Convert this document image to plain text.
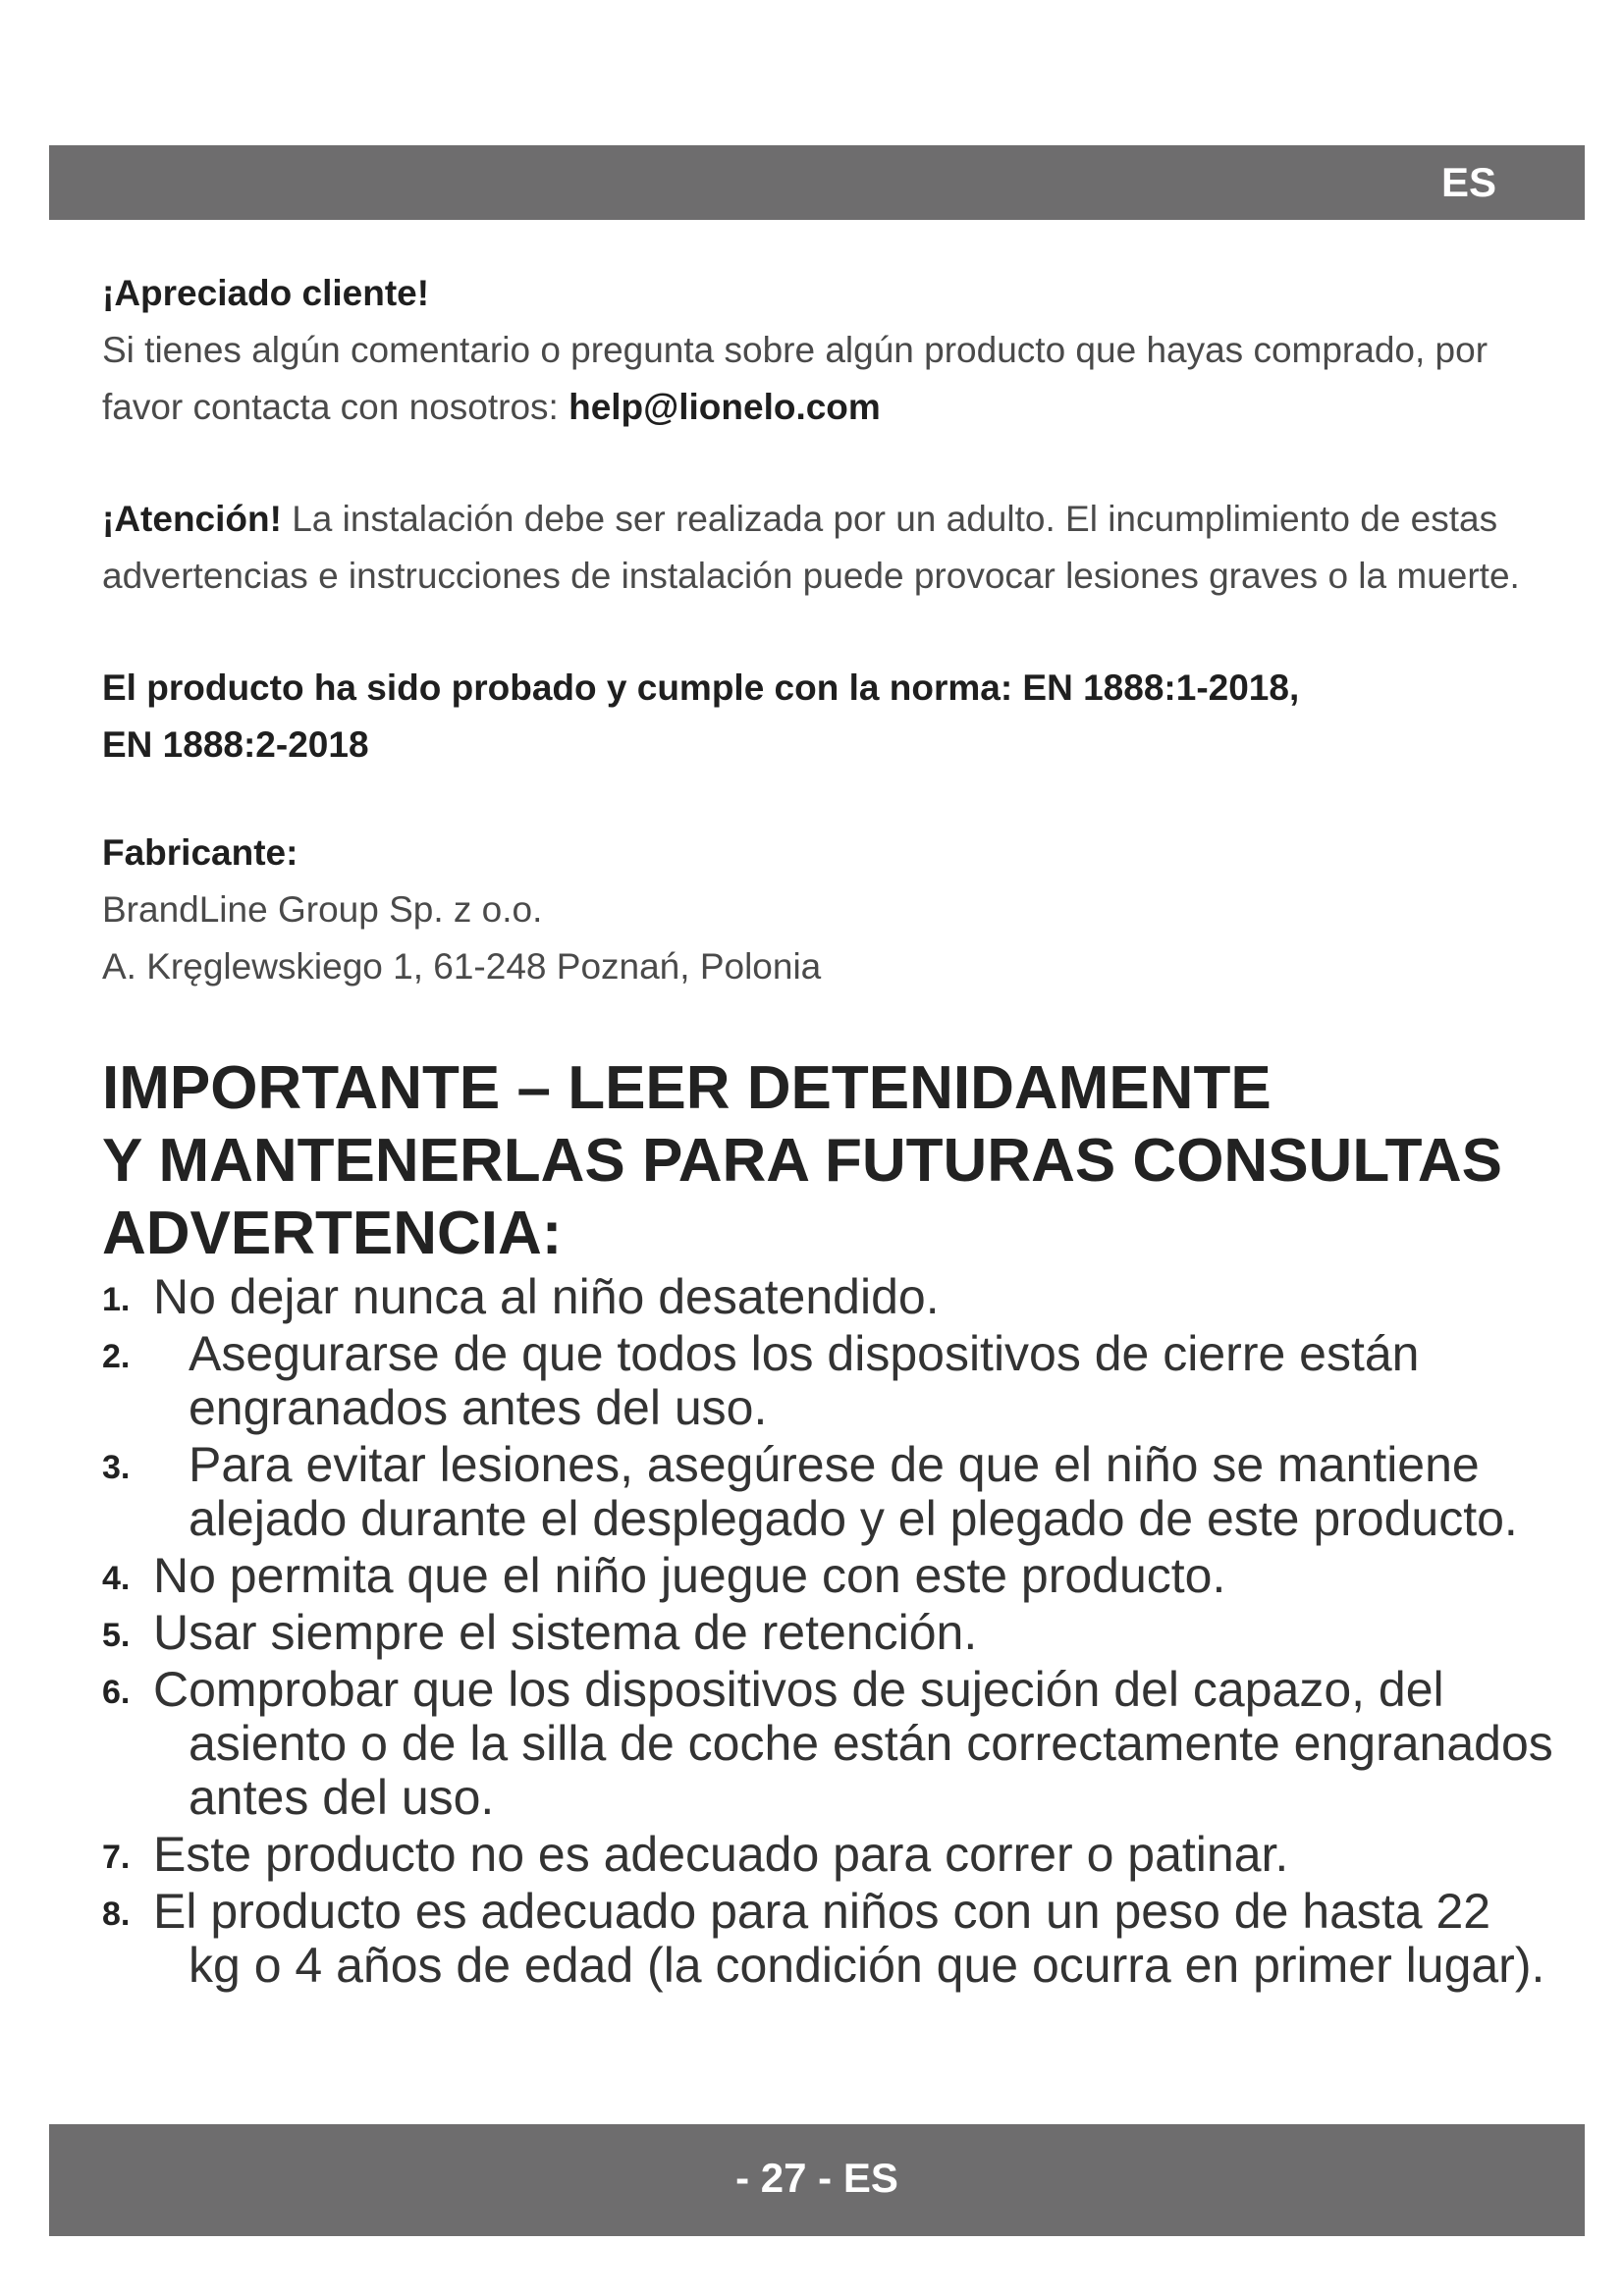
ES

¡Apreciado cliente!

Si tienes algún comentario o pregunta sobre algún producto que hayas comprado, por favor contacta con nosotros: help@lionelo.com

¡Atención! La instalación debe ser realizada por un adulto. El incumplimiento de estas advertencias e instrucciones de instalación puede provocar lesiones graves o la muerte.

El producto ha sido probado y cumple con la norma: EN 1888:1-2018,

EN 1888:2-2018

Fabricante:

BrandLine Group Sp. z o.o.

A. Kręglewskiego 1, 61-248 Poznań, Polonia

IMPORTANTE – LEER DETENIDAMENTE
Y MANTENERLAS PARA FUTURAS CONSULTAS
ADVERTENCIA:
1. No dejar nunca al niño desatendido.
2.	Asegurarse de que todos los dispositivos de cierre están engranados antes del uso.
3.	Para evitar lesiones, asegúrese de que el niño se mantiene alejado durante el desplegado y el plegado de este producto.
4. No permita que el niño juegue con este producto.
5. Usar siempre el sistema de retención.
6. Comprobar que los dispositivos de sujeción del capazo, del asiento o de la silla de coche están correctamente engranados antes del uso.
7. Este producto no es adecuado para correr o patinar.
8. El producto es adecuado para niños con un peso de hasta 22 kg o 4 años de edad (la condición que ocurra en primer lugar).
- 27 - ES
